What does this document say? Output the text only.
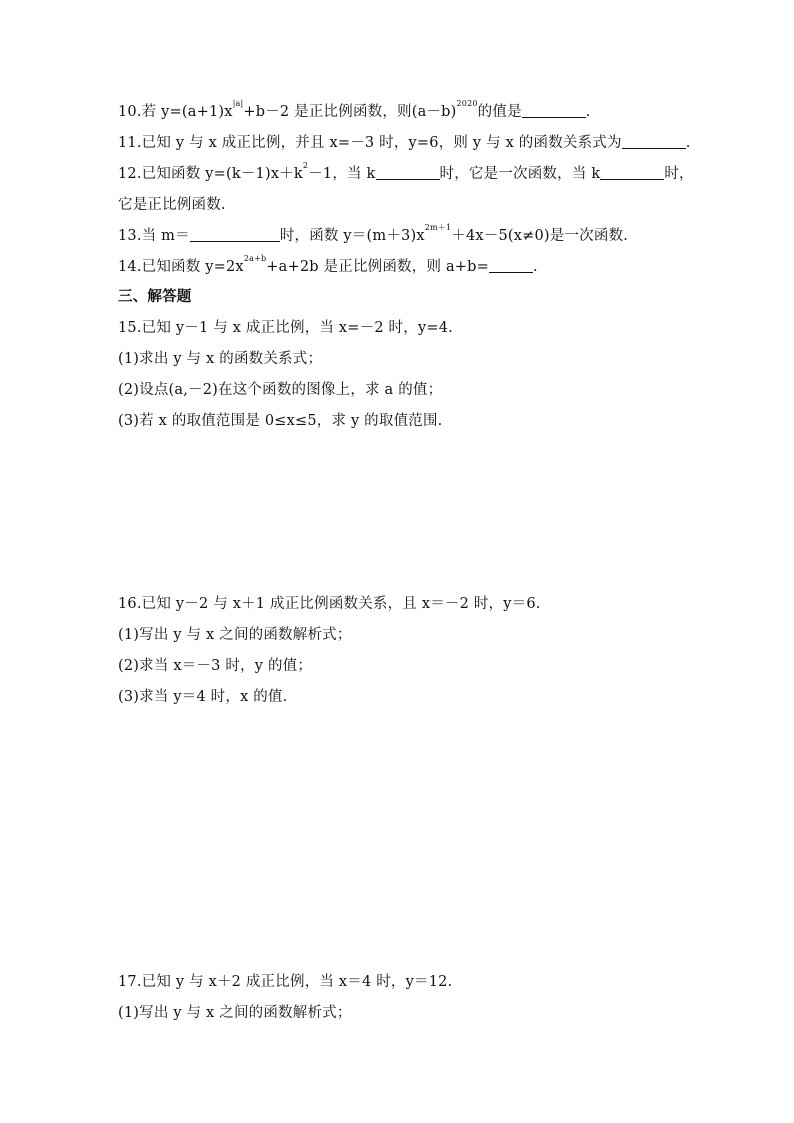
10.若 $y=(a+1)x^{|a|}+b-2$ 是正比例函数，则$(a-b)^{2020}$的值是	.
11.已知 y 与 x 成正比例，并且 x=－3 时，y=6，则 y 与 x 的函数关系式为	.
12.已知函数 $y=(k-1)x+k^2-1$，当 k	时，它是一次函数，当 k	时，
它是正比例函数.
13.当 m＝	时，函数 $y=(m+3)x^{2m+1}+4x-5(x\ne 0)$是一次函数.
14.已知函数 $y=2x^{2a+b}+a+2b$ 是正比例函数，则 a+b=	.
三、解答题
15.已知 y－1 与 x 成正比例，当 x=－2 时，y=4.
(1)求出 y 与 x 的函数关系式；
(2)设点(a,－2)在这个函数的图像上，求 a 的值；
(3)若 x 的取值范围是 0≤x≤5，求 y 的取值范围.
16.已知 y－2 与 x＋1 成正比例函数关系，且 x＝－2 时，y＝6.
(1)写出 y 与 x 之间的函数解析式；
(2)求当 x＝－3 时，y 的值；
(3)求当 y＝4 时，x 的值.
17.已知 y 与 x＋2 成正比例，当 x＝4 时，y＝12.
(1)写出 y 与 x 之间的函数解析式；
